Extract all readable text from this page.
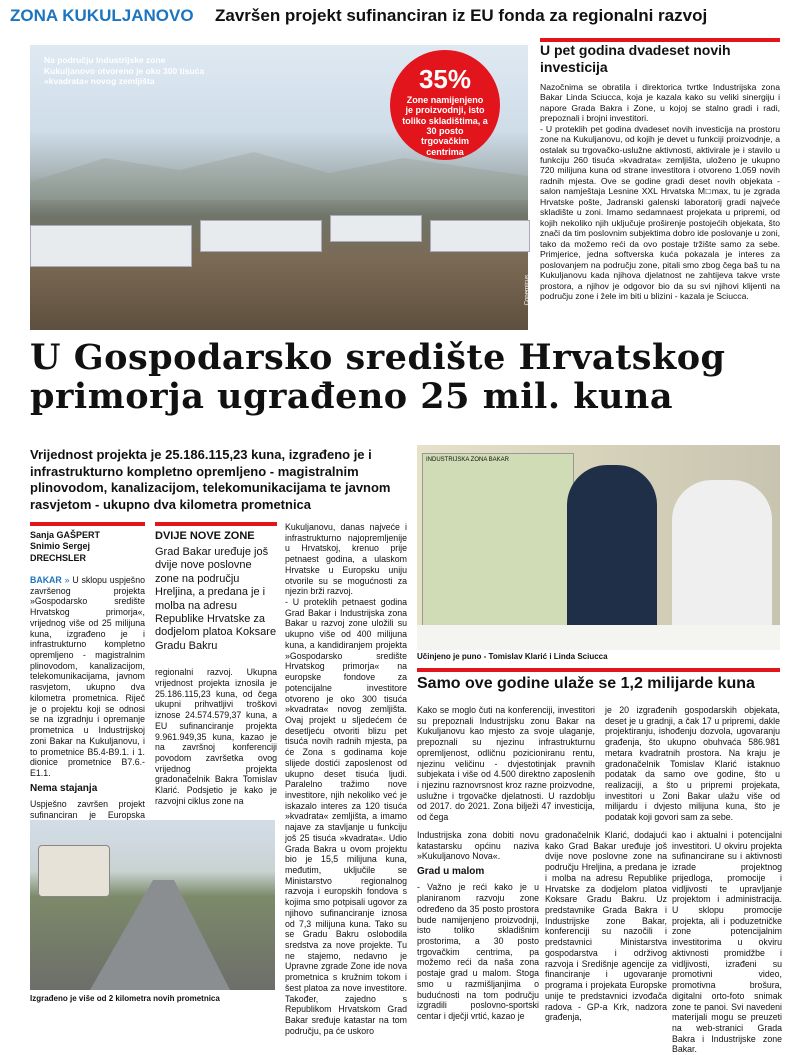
ZONA KUKULJANOVO Završen projekt sufinanciran iz EU fonda za regionalni razvoj
Na području Industrijske zone Kukuljanovo otvoreno je oko 300 tisuća »kvadrata« novog zemljišta
Copernicus
35%
Zone namijenjeno je proizvodnji, isto toliko skladištima, a 30 posto trgovačkim centrima
U pet godina dvadeset novih investicija

Nazočnima se obratila i direktorica tvrtke Industrijska zona Bakar Linda Sciucca, koja je kazala kako su veliki sinergiju i napore Grada Bakra i Zone, u kojoj se stalno gradi i radi, prepoznali i brojni investitori.

- U proteklih pet godina dvadeset novih investicija na prostoru zone na Kukuljanovu, od kojih je devet u funkciji proizvodnje, a ostalak su trgovačko-uslužne aktivnosti, aktivirale je i stavilo u funkciju 260 tisuća »kvadrata« zemljišta, uloženo je ukupno 720 milijuna kuna od strane investitora i otvoreno 1.059 novih radnih mjesta. Ove se godine gradi deset novih objekata - salon namještaja Lesnine XXL Hrvatska M□max, tu je zgrada Hrvatske pošte, Jadranski galenski laboratorij gradi najveće skladište u zoni. Imamo sedamnaest projekata u pripremi, od kojih nekoliko njih uključuje proširenje postojećih objekata, što znači da tim poslovnim subjektima dobro ide poslovanje u zoni, tako da možemo reći da ovo postaje tržište samo za sebe. Primjerice, jedna softverska kuća pokazala je interes za poslovanjem na području zone, pitali smo zbog čega baš tu na Kukuljanovu kada njihova djelatnost ne zahtijeva takve vrste prostora, a njihov je odgovor bio da su svi njihovi klijenti na području zone i žele im biti u blizini - kazala je Sciucca.

U Gospodarsko središte Hrvatskog primorja ugrađeno 25 mil. kuna
Vrijednost projekta je 25.186.115,23 kuna, izgrađeno je i infrastrukturno kompletno opremljeno - magistralnim plinovodom, kanalizacijom, telekomunikacijama te javnom rasvjetom - ukupno dva kilometra prometnica
INDUSTRIJSKA ZONA BAKAR
Učinjeno je puno - Tomislav Klarić i Linda Sciucca
Sanja GAŠPERT
Snimio Sergej DRECHSLER
BAKAR » U sklopu uspješno završenog projekta »Gospodarsko središte Hrvatskog primorja«, vrijednog više od 25 milijuna kuna, izgrađeno je i infrastrukturno kompletno opremljeno - magistralnim plinovodom, kanalizacijom, telekomunikacijama, javnom rasvjetom, ukupno dva kilometra prometnica. Riječ je o projektu koji se odnosi se na izgradnju i opremanje prometnica u Industrijskoj zoni Bakar na Kukuljanovu, i to prometnice B5.4-B9.1. i 1. dionice prometnice B7.6.-E1.1.
Nema stajanja
Uspješno završen projekt sufinanciran je Europska
DVIJE NOVE ZONE
Grad Bakar uređuje još dvije nove poslovne zone na području Hreljina, a predana je i molba na adresu Republike Hrvatske za dodjelom platoa Koksare Gradu Bakru
regionalni razvoj. Ukupna vrijednost projekta iznosila je 25.186.115,23 kuna, od čega ukupni prihvatljivi troškovi iznose 24.574.579,37 kuna, a EU sufinanciranje projekta 9.961.949,35 kuna, kazao je na završnoj konferenciji povodom završetka ovog vrijednog projekta gradonačelnik Bakra Tomislav Klarić. Podsjetio je kako je razvojni ciklus zone na
Kukuljanovu, danas najveće i infrastrukturno najopremljenije u Hrvatskoj, krenuo prije petnaest godina, a ulaskom Hrvatske u Europsku uniju otvorile su se mogućnosti za njezin brži razvoj.
- U proteklih petnaest godina Grad Bakar i Industrijska zona Bakar u razvoj zone uložili su ukupno više od 400 milijuna kuna, a kandidiranjem projekta »Gospodarsko središte Hrvatskog primorja« na europske fondove za potencijalne investitore otvoreno je oko 300 tisuća »kvadrata« novog zemljišta. Ovaj projekt u sljedećem će desetljeću otvoriti blizu pet tisuća novih radnih mjesta, pa će Zona s godinama koje slijede dostići zaposlenost od ukupno deset tisuća ljudi. Paralelno tražimo nove investitore, njih nekoliko već je iskazalo interes za 120 tisuća »kvadrata« zemljišta, a imamo najave za stavljanje u funkciju još 25 tisuća »kvadrata«. Udio Grada Bakra u ovom projektu bio je 15,5 milijuna kuna, međutim, uključile se Ministarstvo regionalnog razvoja i europskih fondova s kojima smo potpisali ugovor za njihovo sufinanciranje iznosa od 7,3 milijuna kuna. Tako su se Gradu Bakru oslobodila sredstva za nove projekte. Tu ne stajemo, nedavno je Upravne zgrade Zone ide nova prometnica s kružnim tokom i šest platoa za nove investitore. Također, zajedno s Republikom Hrvatskom Grad Bakar sređuje katastar na tom području, pa će uskoro
Samo ove godine ulaže se 1,2 milijarde kuna
Kako se moglo čuti na konferenciji, investitori su prepoznali Industrijsku zonu Bakar na Kukuljanovu kao mjesto za svoje ulaganje, prepoznali su njezinu infrastrukturnu opremljenost, odličnu pozicioniranu rentu, njezinu veličinu - dvjestotinjak pravnih subjekata i više od 4.500 direktno zaposlenih i njezinu raznovrsnost kroz razne proizvodne, uslužne i trgovačke djelatnosti. U razdoblju od 2017. do 2021. Zona bilježi 47 investicija, od čega
je 20 izgrađenih gospodarskih objekata, deset je u gradnji, a čak 17 u pripremi, dakle projektiranju, ishođenju dozvola, ugovaranju građenja, što ukupno obuhvaća 586.981 metara kvadratnih prostora. Na kraju je gradonačelnik Tomislav Klarić istaknuo podatak da samo ove godine, što u realizaciji, a što u pripremi projekata, investitori u Zoni Bakar ulažu više od milijardu i dvjesto milijuna kuna, što je podatak koji govori sam za sebe.
Izgrađeno je više od 2 kilometra novih prometnica
Industrijska zona dobiti novu katastarsku općinu naziva »Kukuljanovo Nova«.
Grad u malom
- Važno je reći kako je u planiranom razvoju zone određeno da 35 posto prostora bude namijenjeno proizvodnji, isto toliko skladišnim prostorima, a 30 posto trgovačkim centrima, pa možemo reći da naša zona postaje grad u malom. Stoga smo u razmišljanjima o budućnosti na tom području izgradili poslovno-sportski centar i dječji vrtić, kazao je
gradonačelnik Klarić, dodajući kako Grad Bakar uređuje još dvije nove poslovne zone na području Hreljina, a predana je i molba na adresu Republike Hrvatske za dodjelom platoa Koksare Gradu Bakru. Uz predstavnike Grada Bakra i Industrijske zone Bakar, konferenciji su nazočili i predstavnici Ministarstva gospodarstva i održivog razvoja i Središnje agencije za financiranje i ugovaranje programa i projekata Europske unije te predstavnici izvođača radova - GP-a Krk, nadzora građenja,
kao i aktualni i potencijalni investitori. U okviru projekta sufinancirane su i aktivnosti izrade projektnog prijedloga, promocije i vidljivosti te upravljanje projektom i administracija. U sklopu promocije projekta, ali i poduzetničke zone potencijalnim investitorima u okviru aktivnosti promidžbe i vidljivosti, izrađeni su promotivni video, promotivna brošura, digitalni orto-foto snimak zone te panoi. Svi navedeni materijali mogu se preuzeti na web-stranici Grada Bakra i Industrijske zone Bakar.
